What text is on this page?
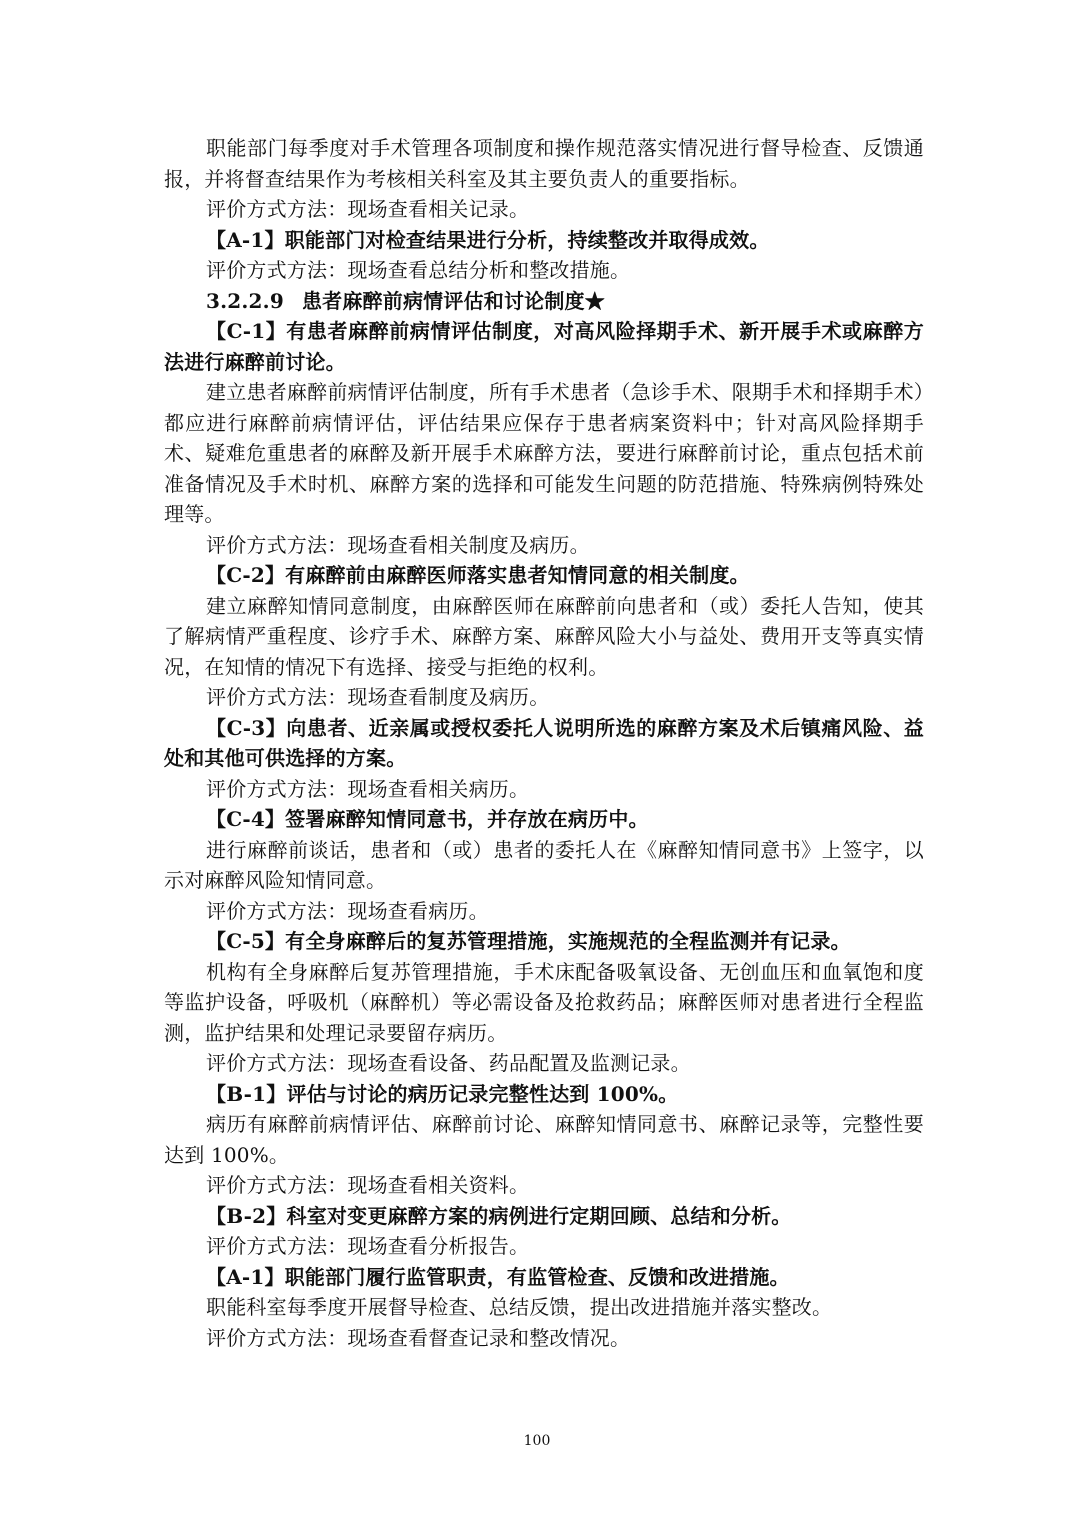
职能部门每季度对手术管理各项制度和操作规范落实情况进行督导检查、反馈通报，并将督查结果作为考核相关科室及其主要负责人的重要指标。

评价方式方法：现场查看相关记录。

【A-1】职能部门对检查结果进行分析，持续整改并取得成效。

评价方式方法：现场查看总结分析和整改措施。

3.2.2.9 患者麻醉前病情评估和讨论制度★

【C-1】有患者麻醉前病情评估制度，对高风险择期手术、新开展手术或麻醉方法进行麻醉前讨论。

建立患者麻醉前病情评估制度，所有手术患者（急诊手术、限期手术和择期手术）都应进行麻醉前病情评估，评估结果应保存于患者病案资料中；针对高风险择期手术、疑难危重患者的麻醉及新开展手术麻醉方法，要进行麻醉前讨论，重点包括术前准备情况及手术时机、麻醉方案的选择和可能发生问题的防范措施、特殊病例特殊处理等。

评价方式方法：现场查看相关制度及病历。

【C-2】有麻醉前由麻醉医师落实患者知情同意的相关制度。

建立麻醉知情同意制度，由麻醉医师在麻醉前向患者和（或）委托人告知，使其了解病情严重程度、诊疗手术、麻醉方案、麻醉风险大小与益处、费用开支等真实情况，在知情的情况下有选择、接受与拒绝的权利。

评价方式方法：现场查看制度及病历。

【C-3】向患者、近亲属或授权委托人说明所选的麻醉方案及术后镇痛风险、益处和其他可供选择的方案。

评价方式方法：现场查看相关病历。

【C-4】签署麻醉知情同意书，并存放在病历中。

进行麻醉前谈话，患者和（或）患者的委托人在《麻醉知情同意书》上签字，以示对麻醉风险知情同意。

评价方式方法：现场查看病历。

【C-5】有全身麻醉后的复苏管理措施，实施规范的全程监测并有记录。

机构有全身麻醉后复苏管理措施，手术床配备吸氧设备、无创血压和血氧饱和度等监护设备，呼吸机（麻醉机）等必需设备及抢救药品；麻醉医师对患者进行全程监测，监护结果和处理记录要留存病历。

评价方式方法：现场查看设备、药品配置及监测记录。

【B-1】评估与讨论的病历记录完整性达到 100%。

病历有麻醉前病情评估、麻醉前讨论、麻醉知情同意书、麻醉记录等，完整性要达到 100%。

评价方式方法：现场查看相关资料。

【B-2】科室对变更麻醉方案的病例进行定期回顾、总结和分析。

评价方式方法：现场查看分析报告。

【A-1】职能部门履行监管职责，有监管检查、反馈和改进措施。

职能科室每季度开展督导检查、总结反馈，提出改进措施并落实整改。

评价方式方法：现场查看督查记录和整改情况。

100
